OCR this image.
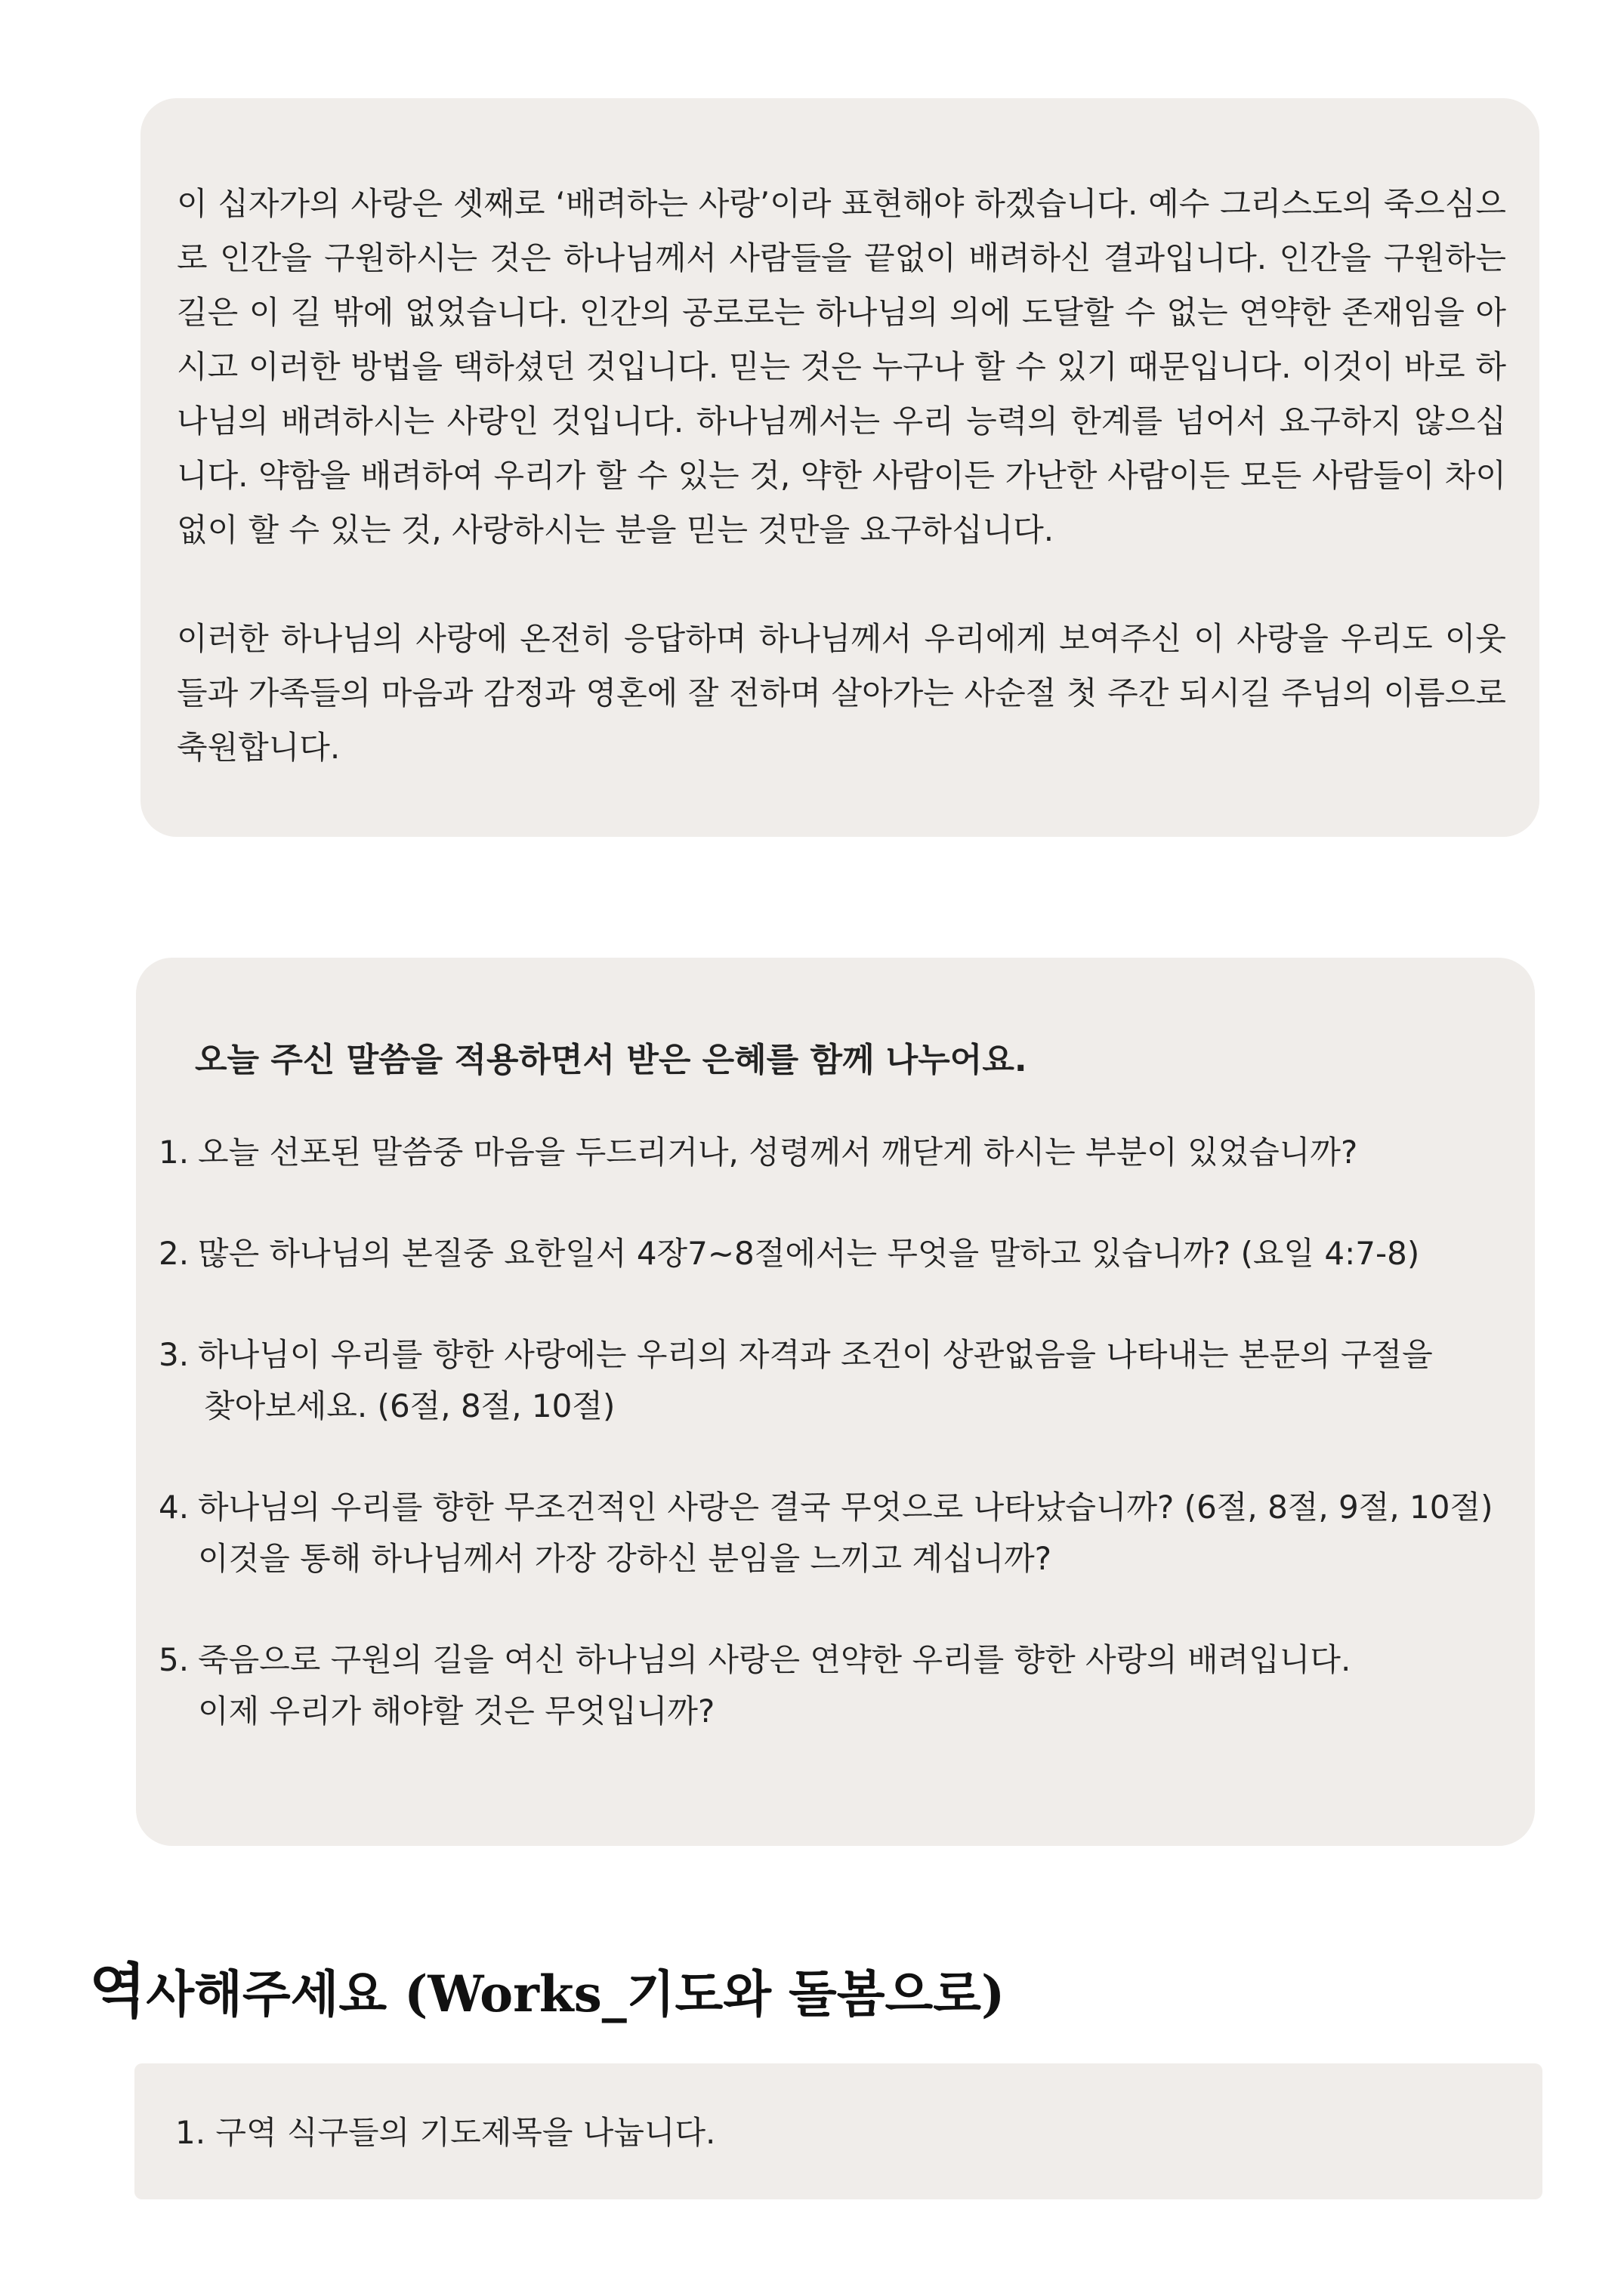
이 십자가의 사랑은 셋째로 ‘배려하는 사랑’이라 표현해야 하겠습니다. 예수 그리스도의 죽으심으로 인간을 구원하시는 것은 하나님께서 사람들을 끝없이 배려하신 결과입니다. 인간을 구원하는 길은 이 길 밖에 없었습니다. 인간의 공로로는 하나님의 의에 도달할 수 없는 연약한 존재임을 아시고 이러한 방법을 택하셨던 것입니다. 믿는 것은 누구나 할 수 있기 때문입니다. 이것이 바로 하나님의 배려하시는 사랑인 것입니다. 하나님께서는 우리 능력의 한계를 넘어서 요구하지 않으십니다. 약함을 배려하여 우리가 할 수 있는 것, 약한 사람이든 가난한 사람이든 모든 사람들이 차이없이 할 수 있는 것, 사랑하시는 분을 믿는 것만을 요구하십니다.

이러한 하나님의 사랑에 온전히 응답하며 하나님께서 우리에게 보여주신 이 사랑을 우리도 이웃들과 가족들의 마음과 감정과 영혼에 잘 전하며 살아가는 사순절 첫 주간 되시길 주님의 이름으로 축원합니다.

오늘 주신 말씀을 적용하면서 받은 은혜를 함께 나누어요.

1. 오늘 선포된 말씀중 마음을 두드리거나, 성령께서 깨닫게 하시는 부분이 있었습니까?
2. 많은 하나님의 본질중 요한일서 4장7~8절에서는 무엇을 말하고 있습니까? (요일 4:7-8)
3. 하나님이 우리를 향한 사랑에는 우리의 자격과 조건이 상관없음을 나타내는 본문의 구절을
찾아보세요. (6절, 8절, 10절)
4. 하나님의 우리를 향한 무조건적인 사랑은 결국 무엇으로 나타났습니까? (6절, 8절, 9절, 10절)
이것을 통해 하나님께서 가장 강하신 분임을 느끼고 계십니까?
5. 죽음으로 구원의 길을 여신 하나님의 사랑은 연약한 우리를 향한 사랑의 배려입니다.
이제 우리가 해야할 것은 무엇입니까?
역사해주세요 (Works_기도와 돌봄으로)

1. 구역 식구들의 기도제목을 나눕니다.
